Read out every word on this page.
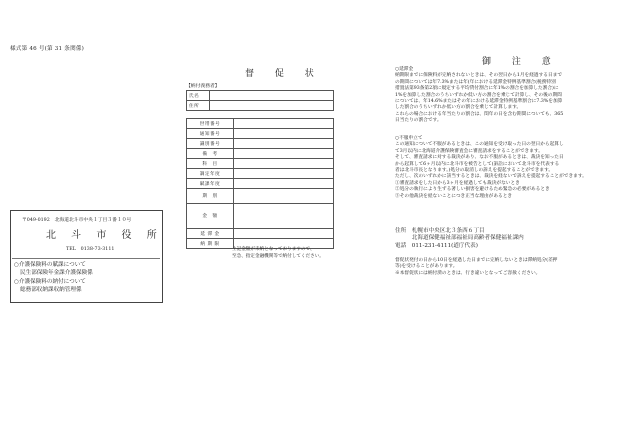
様式第 46 号(第 31 条関係)
督 促 状
【納付義務者】
氏名	
住所	
世帯番号	
通知番号	
識別番号	
備　考	
科　目	
調定年度	
賦課年度	
期　別	
金　額	
延 滞 金	
納 期 限	
上記金額が未納となっておりますので、
至急、指定金融機関等で納付してください。
〒049-0192　北海道北斗市中央１丁目３番１０号
北 斗 市 役 所
TEL　0138-73-3111
○介護保険料の賦課について
民生部保険年金課介護保険係
○介護保険料の納付について
総務部収納課収納管理係
御 注 意
○延滞金
納期限までに保険料が完納されないときは、その翌日から1月を経過する日まで
の期間については年7.3%または年(年における延滞金特例基準割合(税務特別
措置法第93条第2項に規定する平均貸付割合に年1%の割合を加算した割合)に
1%を加算した割合のうちいずれか低い方の割合を乗じて計算し、その後の期間
については、年14.6%またはその年における延滞金特例基準割合に7.3%を加算
した割合のうちいずれか低い方の割合を乗じて計算します。
これらの場合における年当たりの割合は、閏年の日を含む期間についても、365
日当たりの割合です。
○不服申立て
この通知について不服があるときは、この通知を受け取った日の翌日から起算し
て3月以内に北海道介護保険審査会に審査請求をすることができます。
そして、審査請求に対する裁決があり、なお不服があるときは、裁決を知った日
から起算して6ヶ月以内に北斗市を被告として(訴訟において北斗市を代表する
者は北斗市長となります。)処分の取消しの訴えを提起することができます。
ただし、次のいずれかに該当するときは、裁決を経ないで訴えを提起することができます。
①審査請求をした日から3ヶ月を経過しても裁決がないとき
②処分の執行により生ずる著しい損害を避けるため緊急の必要があるとき
③その他裁決を経ないことにつき正当な理由があるとき
住所　札幌市中央区北３条西６丁目
　　　北海道保健福祉部福祉局高齢者保健福祉課内
電話　011-231-4111(道庁代表)
督促状発付の日から10日を経過した日までに完納しないときは滞納処分(差押
等)を受けることがあります。
※本督促状には納付済のときは、行き違いとなってご容赦ください。
